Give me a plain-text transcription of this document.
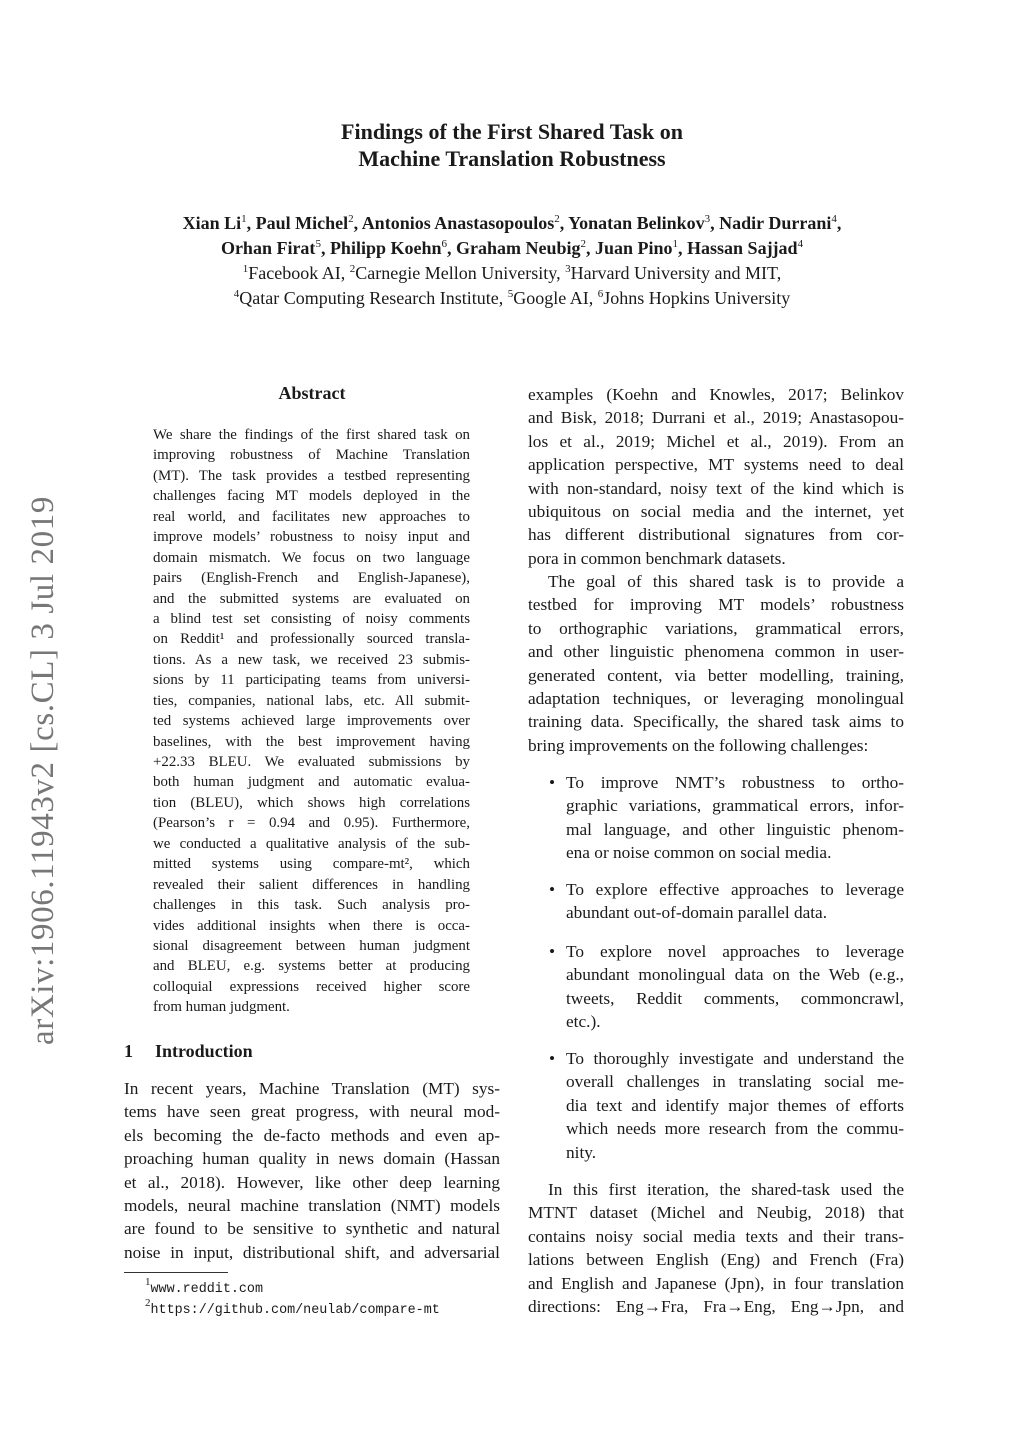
Findings of the First Shared Task on
Machine Translation Robustness
Xian Li$^1$, Paul Michel$^2$, Antonios Anastasopoulos$^2$, Yonatan Belinkov$^3$, Nadir Durrani$^4$,
Orhan Firat$^5$, Philipp Koehn$^6$, Graham Neubig$^2$, Juan Pino$^1$, Hassan Sajjad$^4$
$^1$Facebook AI, $^2$Carnegie Mellon University, $^3$Harvard University and MIT,
$^4$Qatar Computing Research Institute, $^5$Google AI, $^6$Johns Hopkins University
arXiv:1906.11943v2 [cs.CL] 3 Jul 2019
Abstract
We share the findings of the first shared task on
improving robustness of Machine Translation
(MT). The task provides a testbed representing
challenges facing MT models deployed in the
real world, and facilitates new approaches to
improve models’ robustness to noisy input and
domain mismatch. We focus on two language
pairs (English-French and English-Japanese),
and the submitted systems are evaluated on
a blind test set consisting of noisy comments
on Reddit¹ and professionally sourced transla-
tions. As a new task, we received 23 submis-
sions by 11 participating teams from universi-
ties, companies, national labs, etc. All submit-
ted systems achieved large improvements over
baselines, with the best improvement having
+22.33 BLEU. We evaluated submissions by
both human judgment and automatic evalua-
tion (BLEU), which shows high correlations
(Pearson’s r = 0.94 and 0.95). Furthermore,
we conducted a qualitative analysis of the sub-
mitted systems using compare-mt², which
revealed their salient differences in handling
challenges in this task. Such analysis pro-
vides additional insights when there is occa-
sional disagreement between human judgment
and BLEU, e.g. systems better at producing
colloquial expressions received higher score
from human judgment.
1 Introduction
In recent years, Machine Translation (MT) sys-
tems have seen great progress, with neural mod-
els becoming the de-facto methods and even ap-
proaching human quality in news domain (Hassan
et al., 2018). However, like other deep learning
models, neural machine translation (NMT) models
are found to be sensitive to synthetic and natural
noise in input, distributional shift, and adversarial
$^1$www.reddit.com
$^2$https://github.com/neulab/compare-mt
examples (Koehn and Knowles, 2017; Belinkov
and Bisk, 2018; Durrani et al., 2019; Anastasopou-
los et al., 2019; Michel et al., 2019). From an
application perspective, MT systems need to deal
with non-standard, noisy text of the kind which is
ubiquitous on social media and the internet, yet
has different distributional signatures from cor-
pora in common benchmark datasets.
The goal of this shared task is to provide a
testbed for improving MT models’ robustness
to orthographic variations, grammatical errors,
and other linguistic phenomena common in user-
generated content, via better modelling, training,
adaptation techniques, or leveraging monolingual
training data. Specifically, the shared task aims to
bring improvements on the following challenges:
• To improve NMT’s robustness to ortho-
graphic variations, grammatical errors, infor-
mal language, and other linguistic phenom-
ena or noise common on social media.
• To explore effective approaches to leverage
abundant out-of-domain parallel data.
• To explore novel approaches to leverage
abundant monolingual data on the Web (e.g.,
tweets, Reddit comments, commoncrawl,
etc.).
• To thoroughly investigate and understand the
overall challenges in translating social me-
dia text and identify major themes of efforts
which needs more research from the commu-
nity.
In this first iteration, the shared-task used the
MTNT dataset (Michel and Neubig, 2018) that
contains noisy social media texts and their trans-
lations between English (Eng) and French (Fra)
and English and Japanese (Jpn), in four translation
directions: Eng→Fra, Fra→Eng, Eng→Jpn, and
